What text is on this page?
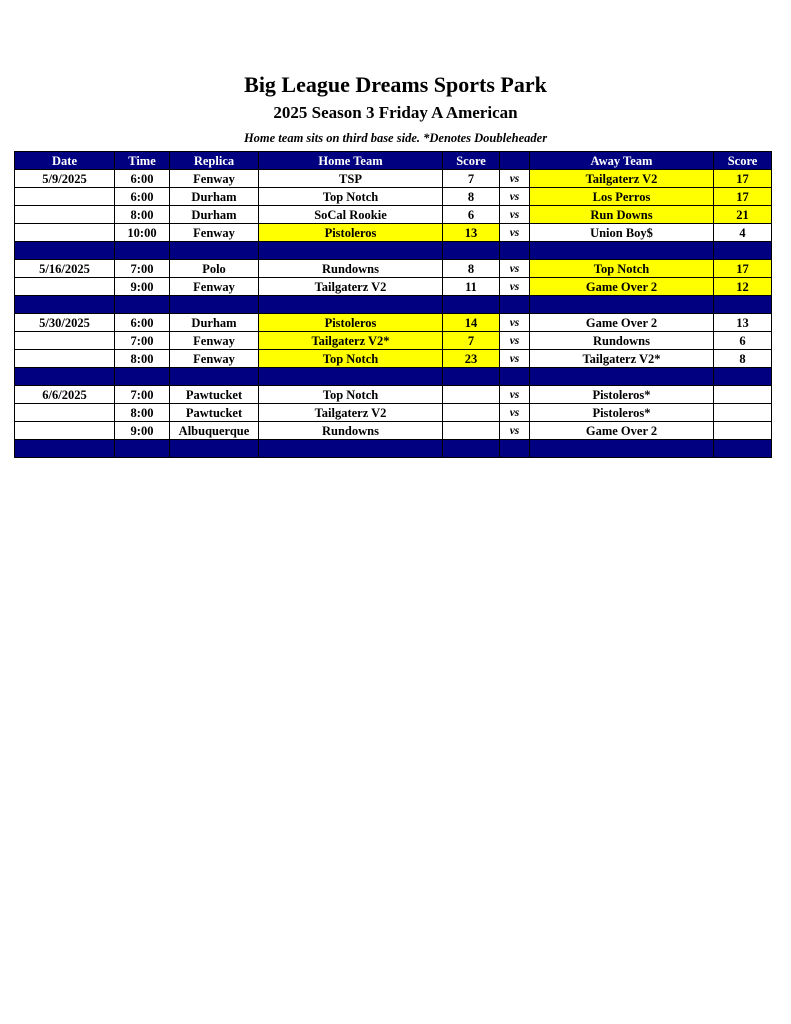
Big League Dreams Sports Park
2025 Season 3 Friday A American
Home team sits on third base side. *Denotes Doubleheader
Date	Time	Replica	Home Team	Score		Away Team	Score
5/9/2025	6:00	Fenway	TSP	7	vs	Tailgaterz V2	17
	6:00	Durham	Top Notch	8	vs	Los Perros	17
	8:00	Durham	SoCal Rookie	6	vs	Run Downs	21
	10:00	Fenway	Pistoleros	13	vs	Union Boy$	4

5/16/2025	7:00	Polo	Rundowns	8	vs	Top Notch	17
	9:00	Fenway	Tailgaterz V2	11	vs	Game Over 2	12

5/30/2025	6:00	Durham	Pistoleros	14	vs	Game Over 2	13
	7:00	Fenway	Tailgaterz V2*	7	vs	Rundowns	6
	8:00	Fenway	Top Notch	23	vs	Tailgaterz V2*	8

6/6/2025	7:00	Pawtucket	Top Notch		vs	Pistoleros*	
	8:00	Pawtucket	Tailgaterz V2		vs	Pistoleros*	
	9:00	Albuquerque	Rundowns		vs	Game Over 2	
